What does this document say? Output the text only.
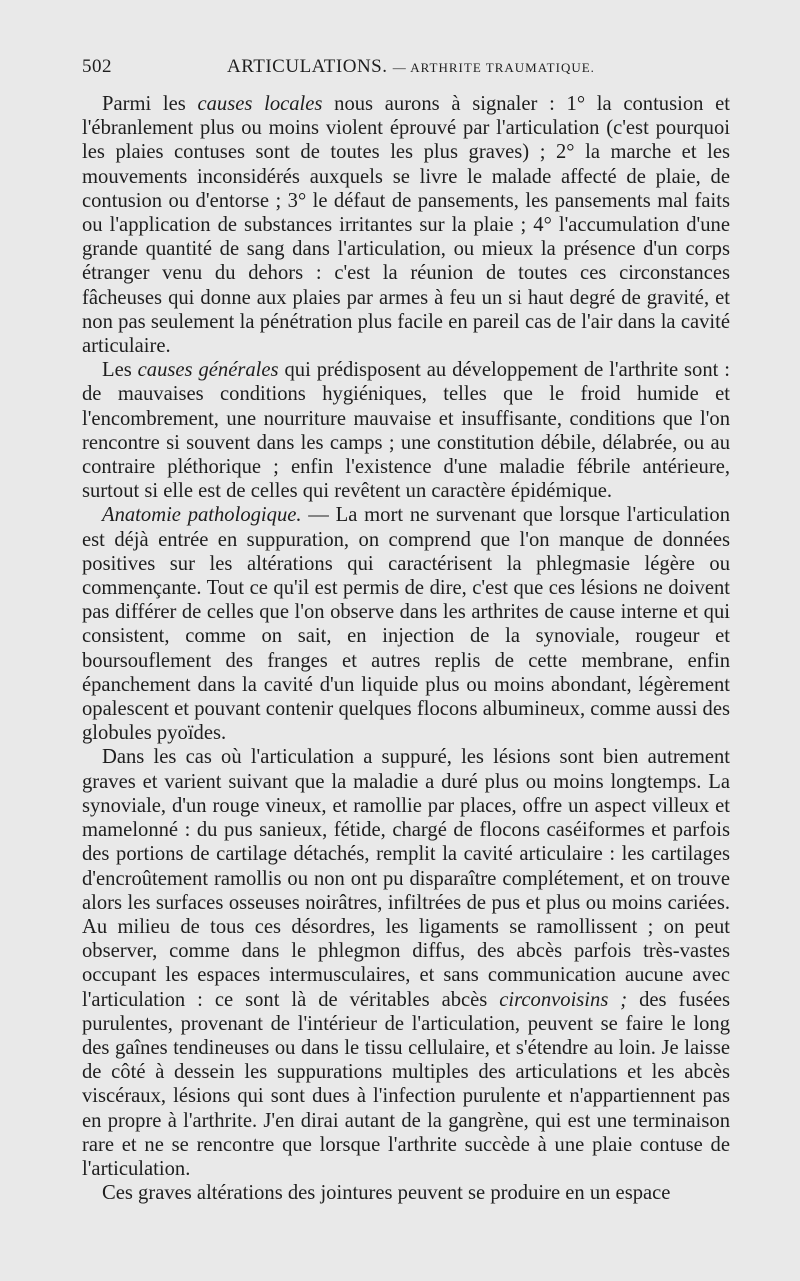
502	ARTICULATIONS. — ARTHRITE TRAUMATIQUE.

Parmi les causes locales nous aurons à signaler : 1° la contusion et l'ébranlement plus ou moins violent éprouvé par l'articulation (c'est pourquoi les plaies contuses sont de toutes les plus graves) ; 2° la marche et les mouvements inconsidérés auxquels se livre le malade affecté de plaie, de contusion ou d'entorse ; 3° le défaut de pansements, les pansements mal faits ou l'application de substances irritantes sur la plaie ; 4° l'accumulation d'une grande quantité de sang dans l'articulation, ou mieux la présence d'un corps étranger venu du dehors : c'est la réunion de toutes ces circonstances fâcheuses qui donne aux plaies par armes à feu un si haut degré de gravité, et non pas seulement la pénétration plus facile en pareil cas de l'air dans la cavité articulaire.

Les causes générales qui prédisposent au développement de l'arthrite sont : de mauvaises conditions hygiéniques, telles que le froid humide et l'encombrement, une nourriture mauvaise et insuffisante, conditions que l'on rencontre si souvent dans les camps ; une constitution débile, délabrée, ou au contraire pléthorique ; enfin l'existence d'une maladie fébrile antérieure, surtout si elle est de celles qui revêtent un caractère épidémique.

Anatomie pathologique. — La mort ne survenant que lorsque l'articulation est déjà entrée en suppuration, on comprend que l'on manque de données positives sur les altérations qui caractérisent la phlegmasie légère ou commençante. Tout ce qu'il est permis de dire, c'est que ces lésions ne doivent pas différer de celles que l'on observe dans les arthrites de cause interne et qui consistent, comme on sait, en injection de la synoviale, rougeur et boursouflement des franges et autres replis de cette membrane, enfin épanchement dans la cavité d'un liquide plus ou moins abondant, légèrement opalescent et pouvant contenir quelques flocons albumineux, comme aussi des globules pyoïdes.

Dans les cas où l'articulation a suppuré, les lésions sont bien autrement graves et varient suivant que la maladie a duré plus ou moins longtemps. La synoviale, d'un rouge vineux, et ramollie par places, offre un aspect villeux et mamelonné : du pus sanieux, fétide, chargé de flocons caséiformes et parfois des portions de cartilage détachés, remplit la cavité articulaire : les cartilages d'encroûtement ramollis ou non ont pu disparaître complétement, et on trouve alors les surfaces osseuses noirâtres, infiltrées de pus et plus ou moins cariées. Au milieu de tous ces désordres, les ligaments se ramollissent ; on peut observer, comme dans le phlegmon diffus, des abcès parfois très-vastes occupant les espaces intermusculaires, et sans communication aucune avec l'articulation : ce sont là de véritables abcès circonvoisins ; des fusées purulentes, provenant de l'intérieur de l'articulation, peuvent se faire le long des gaînes tendineuses ou dans le tissu cellulaire, et s'étendre au loin. Je laisse de côté à dessein les suppurations multiples des articulations et les abcès viscéraux, lésions qui sont dues à l'infection purulente et n'appartiennent pas en propre à l'arthrite. J'en dirai autant de la gangrène, qui est une terminaison rare et ne se rencontre que lorsque l'arthrite succède à une plaie contuse de l'articulation.

Ces graves altérations des jointures peuvent se produire en un espace
